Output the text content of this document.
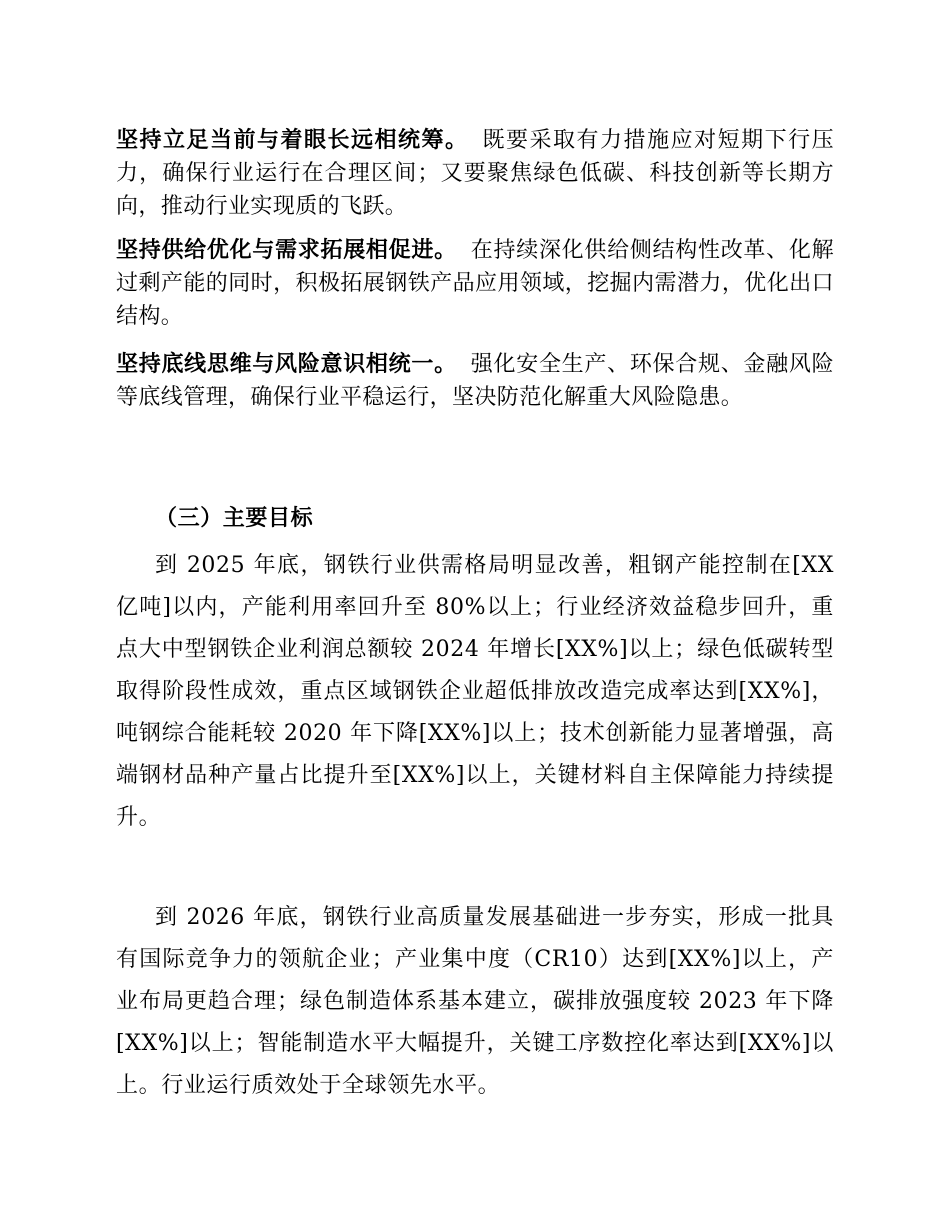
坚持立足当前与着眼长远相统筹。 既要采取有力措施应对短期下行压力，确保行业运行在合理区间；又要聚焦绿色低碳、科技创新等长期方向，推动行业实现质的飞跃。

坚持供给优化与需求拓展相促进。 在持续深化供给侧结构性改革、化解过剩产能的同时，积极拓展钢铁产品应用领域，挖掘内需潜力，优化出口结构。

坚持底线思维与风险意识相统一。 强化安全生产、环保合规、金融风险等底线管理，确保行业平稳运行，坚决防范化解重大风险隐患。

（三）主要目标

到 2025 年底，钢铁行业供需格局明显改善，粗钢产能控制在[XX 亿吨]以内，产能利用率回升至 80%以上；行业经济效益稳步回升，重点大中型钢铁企业利润总额较 2024 年增长[XX%]以上；绿色低碳转型取得阶段性成效，重点区域钢铁企业超低排放改造完成率达到[XX%]，吨钢综合能耗较 2020 年下降[XX%]以上；技术创新能力显著增强，高端钢材品种产量占比提升至[XX%]以上，关键材料自主保障能力持续提升。

到 2026 年底，钢铁行业高质量发展基础进一步夯实，形成一批具有国际竞争力的领航企业；产业集中度（CR10）达到[XX%]以上，产业布局更趋合理；绿色制造体系基本建立，碳排放强度较 2023 年下降[XX%]以上；智能制造水平大幅提升，关键工序数控化率达到[XX%]以上。行业运行质效处于全球领先水平。
